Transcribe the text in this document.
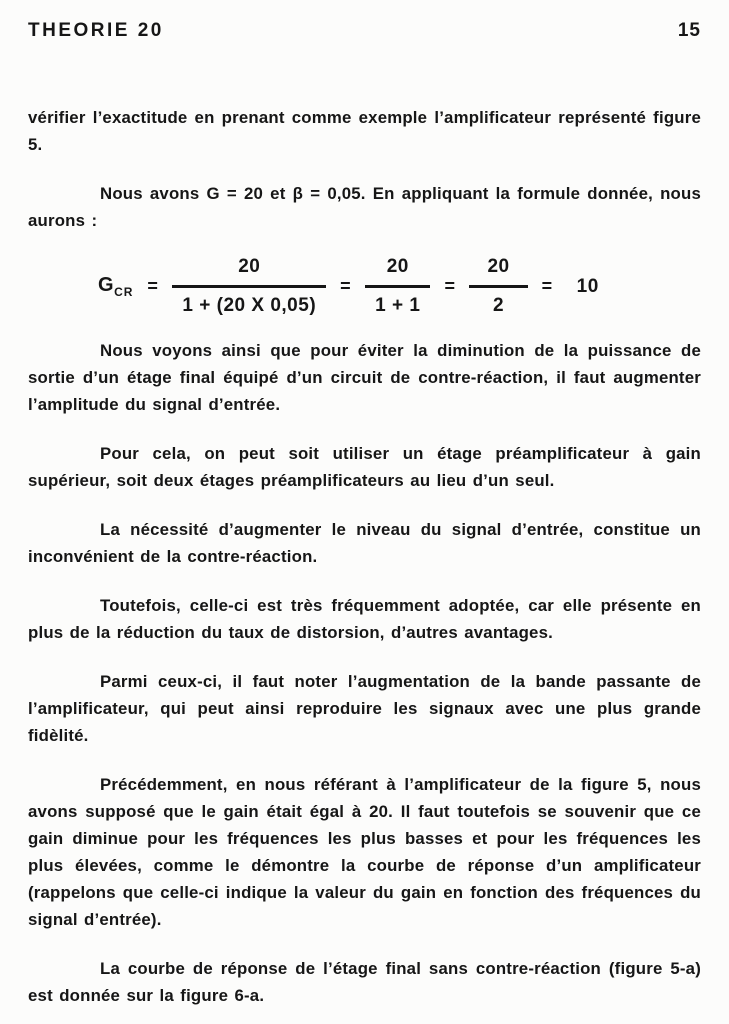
THEORIE 20	15

vérifier l’exactitude en prenant comme exemple l’amplificateur représenté figure 5.

Nous avons G = 20 et β = 0,05. En appliquant la formule donnée, nous aurons :

$G_{CR} = \frac{20}{1 + (20 X 0,05)} = \frac{20}{1 + 1} = \frac{20}{2} = 10$

Nous voyons ainsi que pour éviter la diminution de la puissance de sortie d’un étage final équipé d’un circuit de contre-réaction, il faut augmenter l’amplitude du signal d’entrée.

Pour cela, on peut soit utiliser un étage préamplificateur à gain supérieur, soit deux étages préamplificateurs au lieu d’un seul.

La nécessité d’augmenter le niveau du signal d’entrée, constitue un inconvénient de la contre-réaction.

Toutefois, celle-ci est très fréquemment adoptée, car elle présente en plus de la réduction du taux de distorsion, d’autres avantages.

Parmi ceux-ci, il faut noter l’augmentation de la bande passante de l’amplificateur, qui peut ainsi reproduire les signaux avec une plus grande fidèlité.

Précédemment, en nous référant à l’amplificateur de la figure 5, nous avons supposé que le gain était égal à 20. Il faut toutefois se souvenir que ce gain diminue pour les fréquences les plus basses et pour les fréquences les plus élevées, comme le démontre la courbe de réponse d’un amplificateur (rappelons que celle-ci indique la valeur du gain en fonction des fréquences du signal d’entrée).

La courbe de réponse de l’étage final sans contre-réaction (figure 5-a) est donnée sur la figure 6-a.
